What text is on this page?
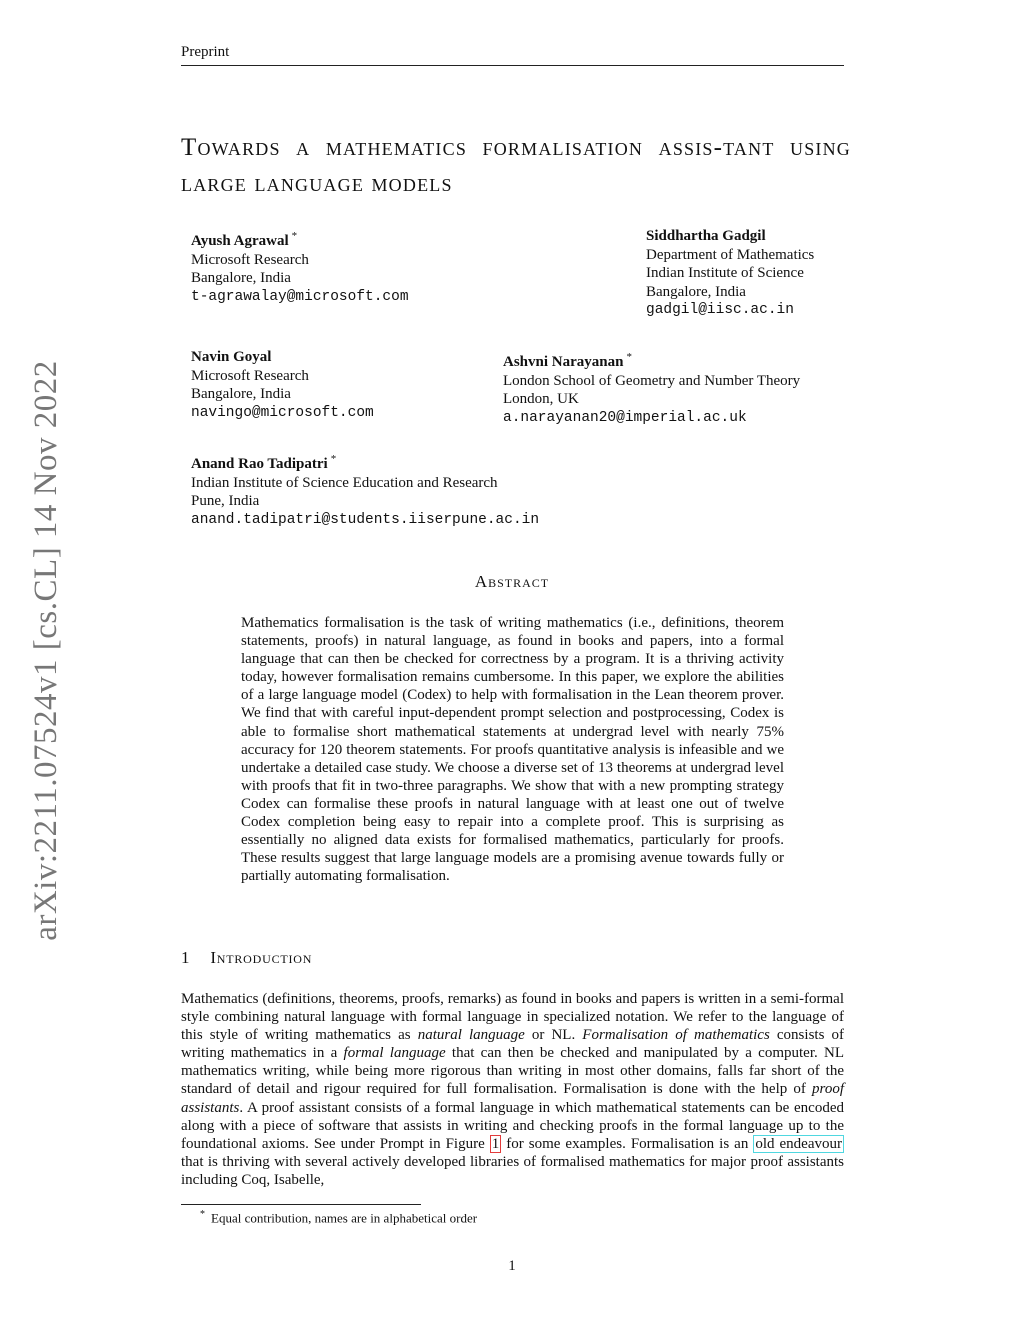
Preprint
arXiv:2211.07524v1 [cs.CL] 14 Nov 2022
Towards a mathematics formalisation assis-tant using large language models
Ayush Agrawal *
Microsoft Research
Bangalore, India
t-agrawalay@microsoft.com
Siddhartha Gadgil
Department of Mathematics
Indian Institute of Science
Bangalore, India
gadgil@iisc.ac.in
Navin Goyal
Microsoft Research
Bangalore, India
navingo@microsoft.com
Ashvni Narayanan *
London School of Geometry and Number Theory
London, UK
a.narayanan20@imperial.ac.uk
Anand Rao Tadipatri *
Indian Institute of Science Education and Research
Pune, India
anand.tadipatri@students.iiserpune.ac.in
Abstract
Mathematics formalisation is the task of writing mathematics (i.e., definitions, theorem statements, proofs) in natural language, as found in books and papers, into a formal language that can then be checked for correctness by a program. It is a thriving activity today, however formalisation remains cumbersome. In this paper, we explore the abilities of a large language model (Codex) to help with formalisation in the Lean theorem prover. We find that with careful input-dependent prompt selection and postprocessing, Codex is able to formalise short mathematical statements at undergrad level with nearly 75% accuracy for 120 theorem statements. For proofs quantitative analysis is infeasible and we undertake a detailed case study. We choose a diverse set of 13 theorems at undergrad level with proofs that fit in two-three paragraphs. We show that with a new prompting strategy Codex can formalise these proofs in natural language with at least one out of twelve Codex completion being easy to repair into a complete proof. This is surprising as essentially no aligned data exists for formalised mathematics, particularly for proofs. These results suggest that large language models are a promising avenue towards fully or partially automating formalisation.
1 Introduction

Mathematics (definitions, theorems, proofs, remarks) as found in books and papers is written in a semi-formal style combining natural language with formal language in specialized notation. We refer to the language of this style of writing mathematics as natural language or NL. Formalisation of mathematics consists of writing mathematics in a formal language that can then be checked and manipulated by a computer. NL mathematics writing, while being more rigorous than writing in most other domains, falls far short of the standard of detail and rigour required for full formalisation. Formalisation is done with the help of proof assistants. A proof assistant consists of a formal language in which mathematical statements can be encoded along with a piece of software that assists in writing and checking proofs in the formal language up to the foundational axioms. See under Prompt in Figure 1 for some examples. Formalisation is an old endeavour that is thriving with several actively developed libraries of formalised mathematics for major proof assistants including Coq, Isabelle,

* Equal contribution, names are in alphabetical order
1
